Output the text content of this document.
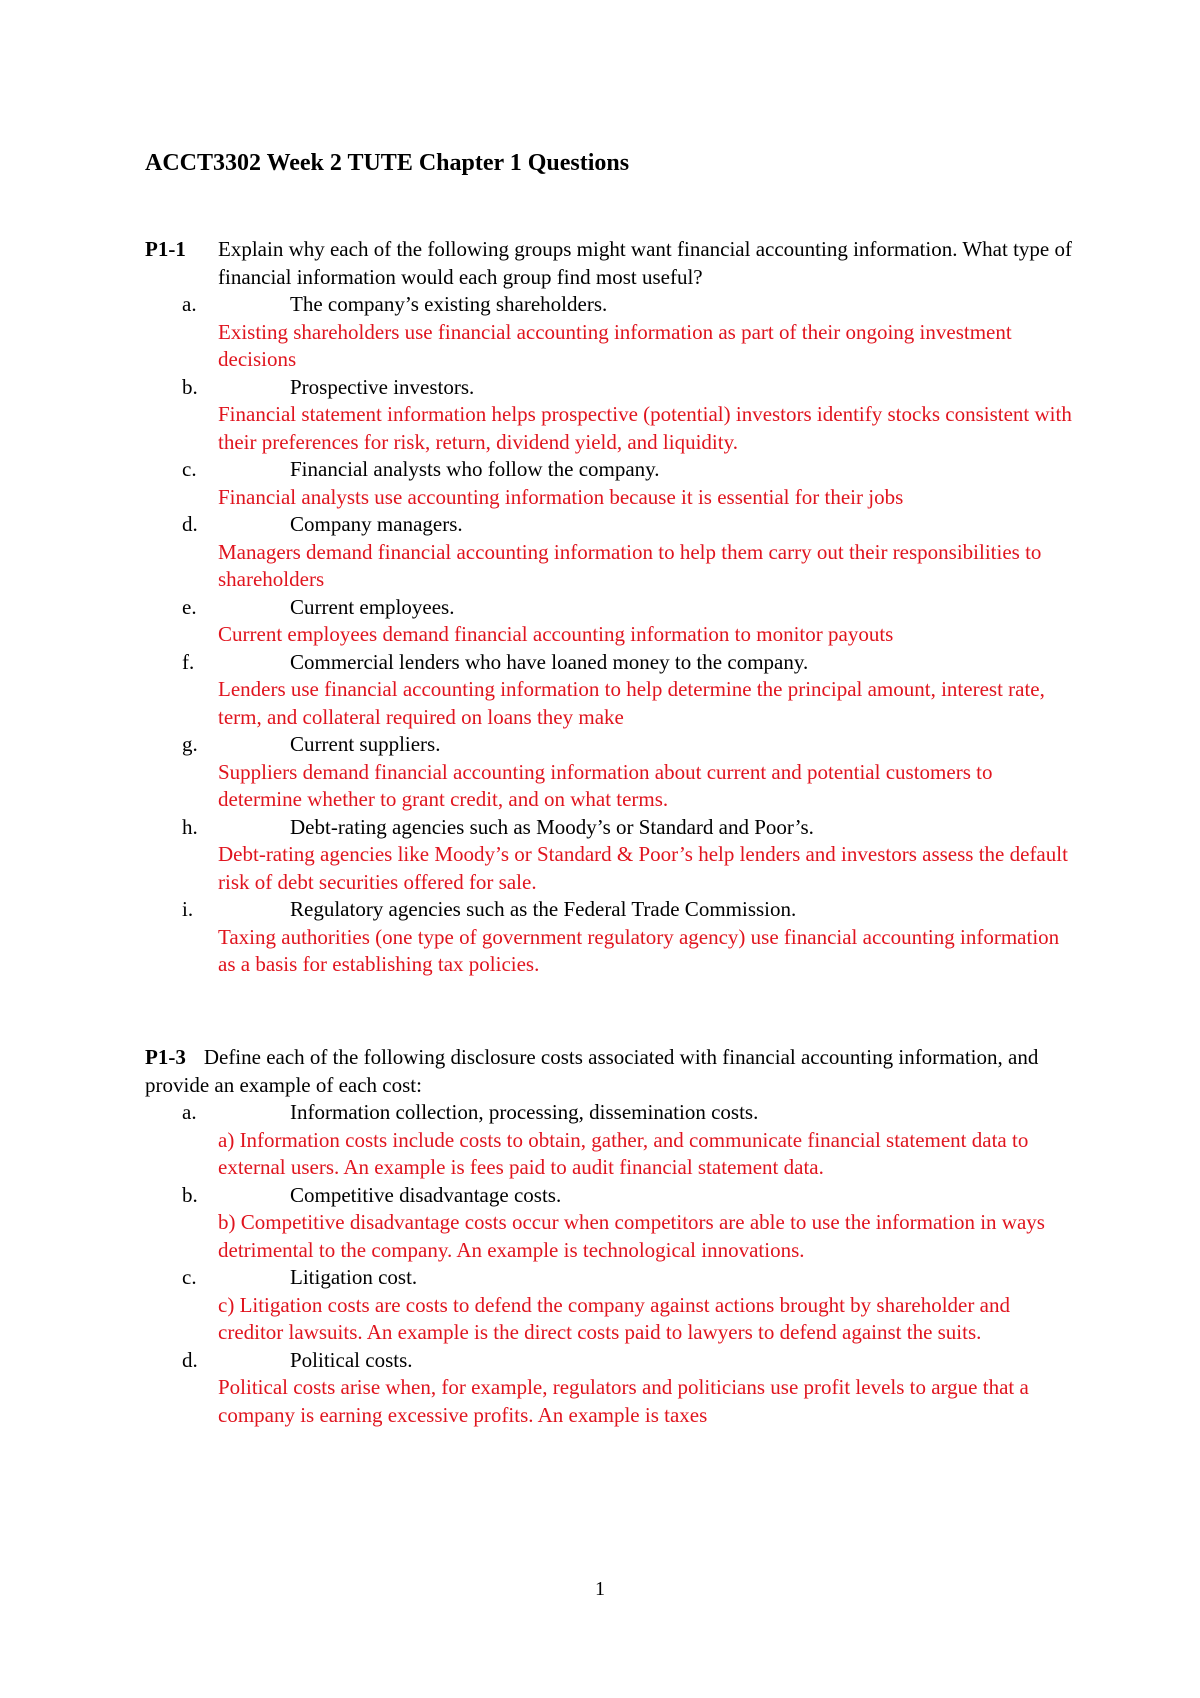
ACCT3302 Week 2 TUTE Chapter 1 Questions
P1-1 Explain why each of the following groups might want financial accounting information. What type of financial information would each group find most useful?
a.	The company’s existing shareholders.
Existing shareholders use financial accounting information as part of their ongoing investment decisions
b.	Prospective investors.
Financial statement information helps prospective (potential) investors identify stocks consistent with their preferences for risk, return, dividend yield, and liquidity.
c.	Financial analysts who follow the company.
Financial analysts use accounting information because it is essential for their jobs
d.	Company managers.
Managers demand financial accounting information to help them carry out their responsibilities to shareholders
e.	Current employees.
Current employees demand financial accounting information to monitor payouts
f.	Commercial lenders who have loaned money to the company.
Lenders use financial accounting information to help determine the principal amount, interest rate, term, and collateral required on loans they make
g.	Current suppliers.
Suppliers demand financial accounting information about current and potential customers to determine whether to grant credit, and on what terms.
h.	Debt-rating agencies such as Moody’s or Standard and Poor’s.
Debt-rating agencies like Moody’s or Standard & Poor’s help lenders and investors assess the default risk of debt securities offered for sale.
i.	Regulatory agencies such as the Federal Trade Commission.
Taxing authorities (one type of government regulatory agency) use financial accounting information as a basis for establishing tax policies.
P1-3 Define each of the following disclosure costs associated with financial accounting information, and provide an example of each cost:
a.	Information collection, processing, dissemination costs.
a) Information costs include costs to obtain, gather, and communicate financial statement data to external users. An example is fees paid to audit financial statement data.
b.	Competitive disadvantage costs.
b) Competitive disadvantage costs occur when competitors are able to use the information in ways detrimental to the company. An example is technological innovations.
c.	Litigation cost.
c) Litigation costs are costs to defend the company against actions brought by shareholder and creditor lawsuits. An example is the direct costs paid to lawyers to defend against the suits.
d.	Political costs.
Political costs arise when, for example, regulators and politicians use profit levels to argue that a company is earning excessive profits. An example is taxes
1
